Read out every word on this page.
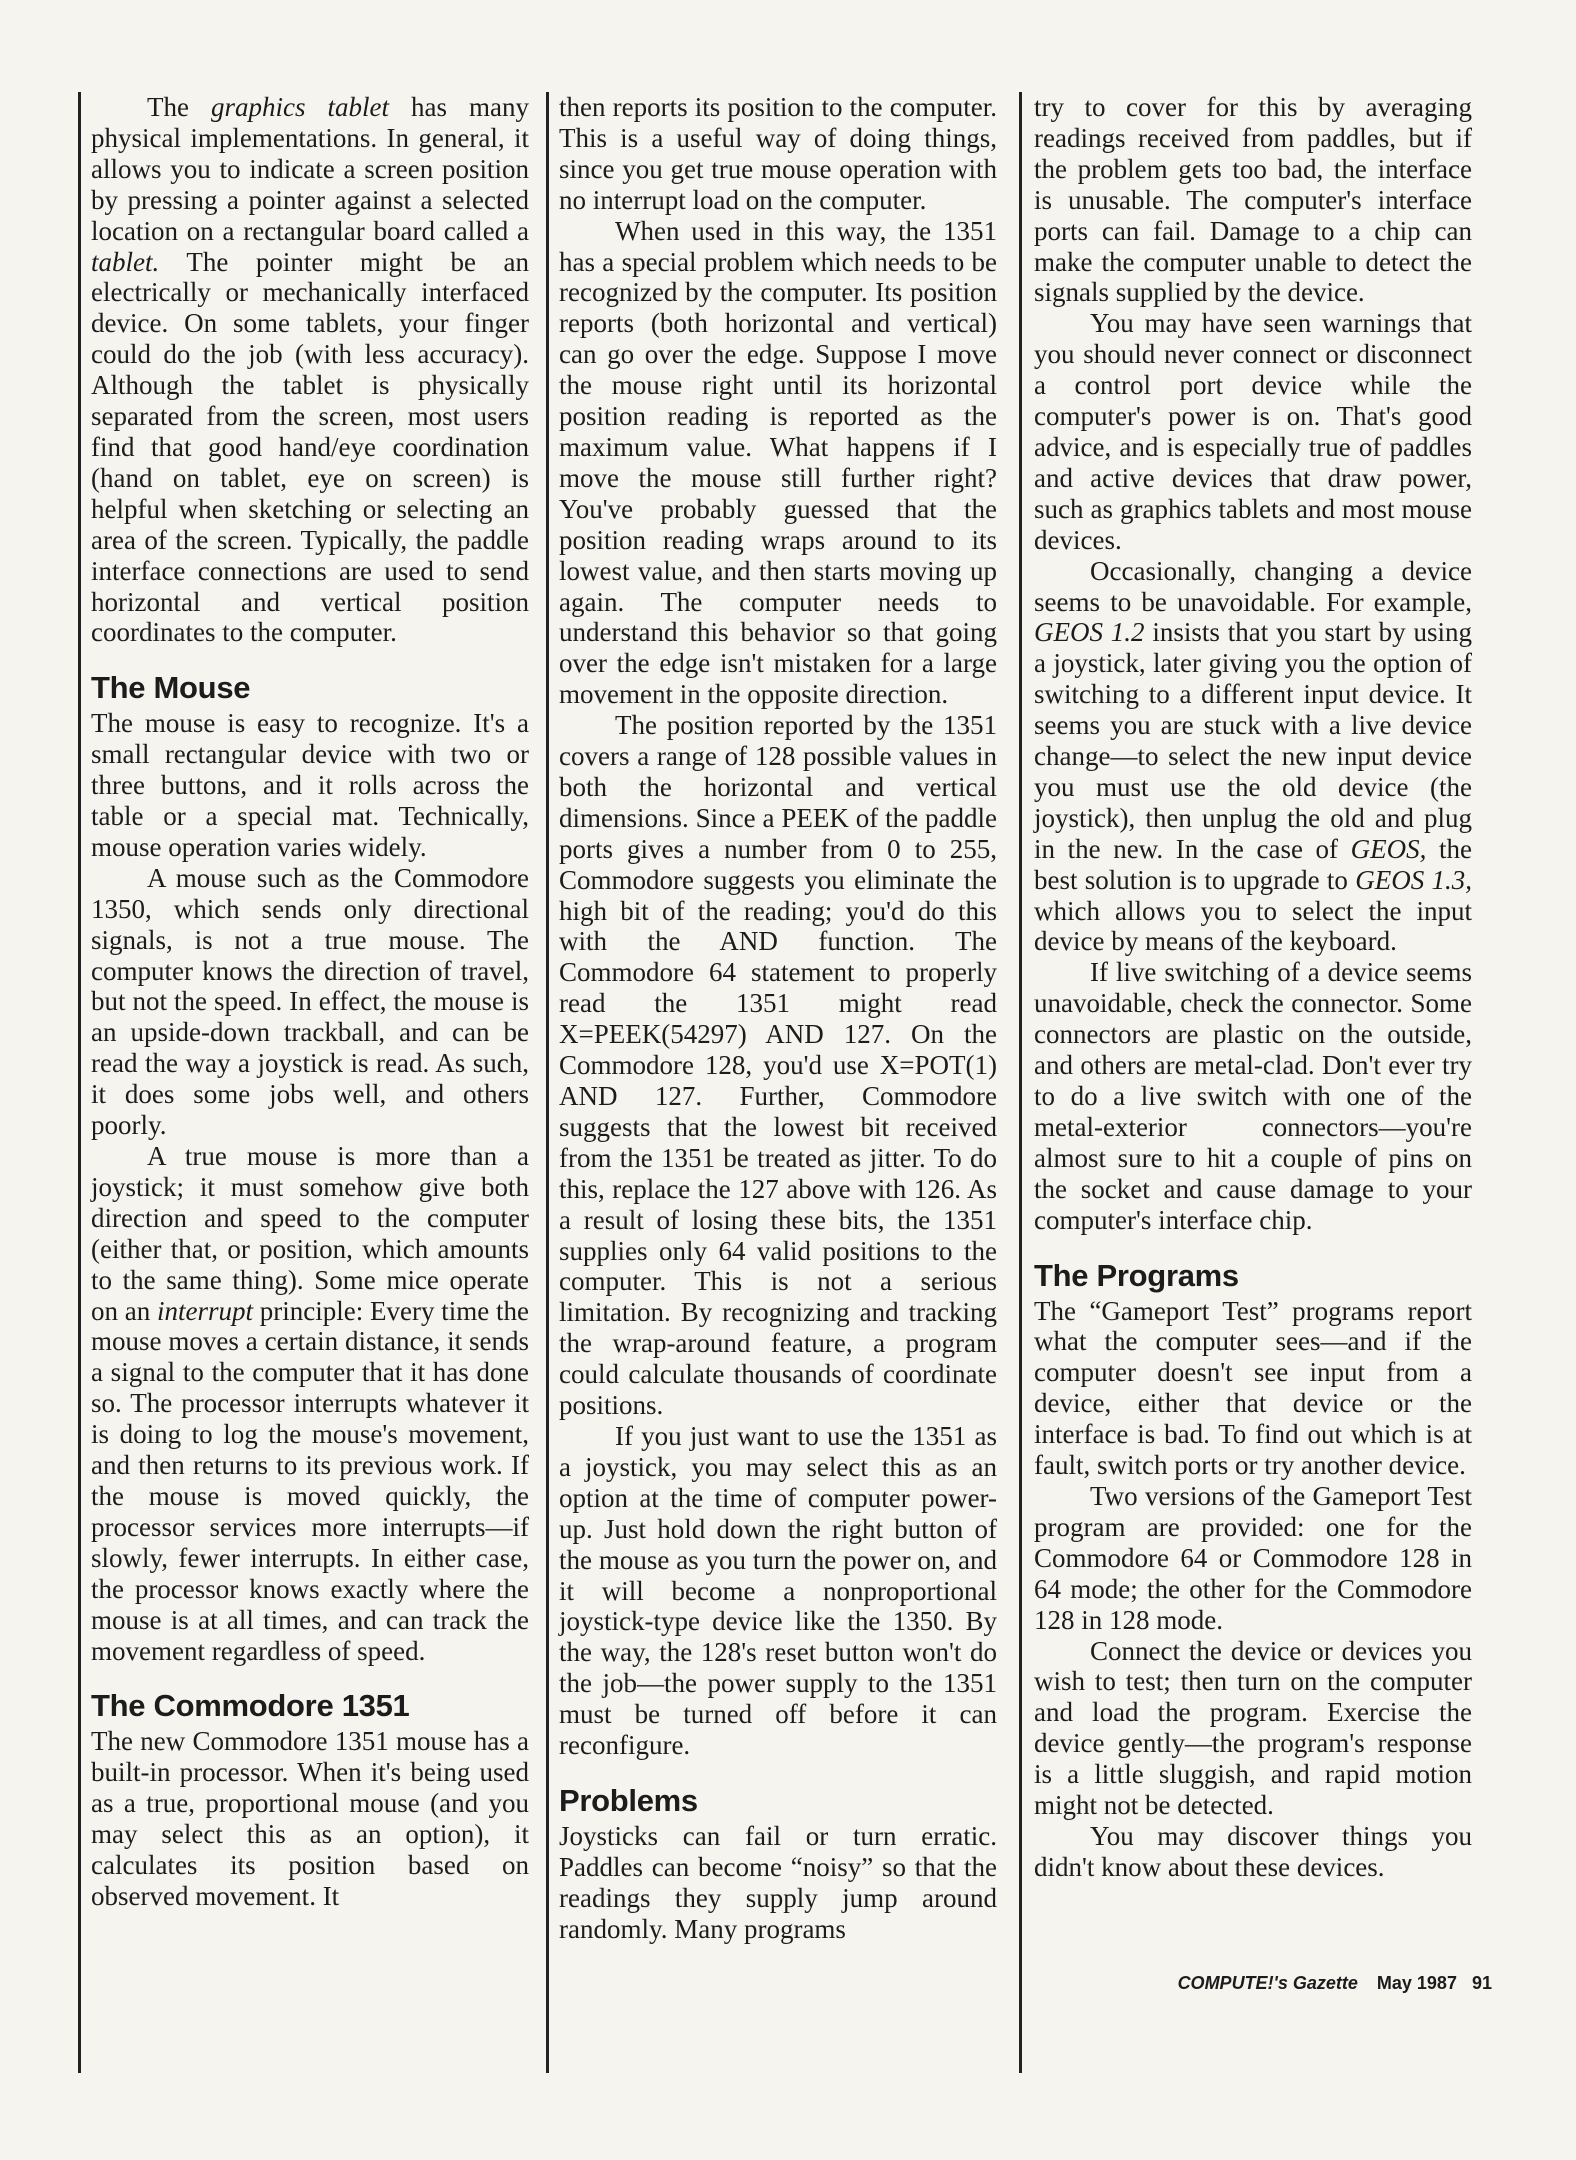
The graphics tablet has many physical implementations. In general, it allows you to indicate a screen position by pressing a pointer against a selected location on a rectangular board called a tablet. The pointer might be an electrically or mechanically interfaced device. On some tablets, your finger could do the job (with less accuracy). Although the tablet is physically separated from the screen, most users find that good hand/eye coordination (hand on tablet, eye on screen) is helpful when sketching or selecting an area of the screen. Typically, the paddle interface connections are used to send horizontal and vertical position coordinates to the computer.

The Mouse

The mouse is easy to recognize. It's a small rectangular device with two or three buttons, and it rolls across the table or a special mat. Technically, mouse operation varies widely.

A mouse such as the Commodore 1350, which sends only directional signals, is not a true mouse. The computer knows the direction of travel, but not the speed. In effect, the mouse is an upside-down trackball, and can be read the way a joystick is read. As such, it does some jobs well, and others poorly.

A true mouse is more than a joystick; it must somehow give both direction and speed to the computer (either that, or position, which amounts to the same thing). Some mice operate on an interrupt principle: Every time the mouse moves a certain distance, it sends a signal to the computer that it has done so. The processor interrupts whatever it is doing to log the mouse's movement, and then returns to its previous work. If the mouse is moved quickly, the processor services more interrupts—if slowly, fewer interrupts. In either case, the processor knows exactly where the mouse is at all times, and can track the movement regardless of speed.

The Commodore 1351

The new Commodore 1351 mouse has a built-in processor. When it's being used as a true, proportional mouse (and you may select this as an option), it calculates its position based on observed movement. It

then reports its position to the computer. This is a useful way of doing things, since you get true mouse operation with no interrupt load on the computer.

When used in this way, the 1351 has a special problem which needs to be recognized by the computer. Its position reports (both horizontal and vertical) can go over the edge. Suppose I move the mouse right until its horizontal position reading is reported as the maximum value. What happens if I move the mouse still further right? You've probably guessed that the position reading wraps around to its lowest value, and then starts moving up again. The computer needs to understand this behavior so that going over the edge isn't mistaken for a large movement in the opposite direction.

The position reported by the 1351 covers a range of 128 possible values in both the horizontal and vertical dimensions. Since a PEEK of the paddle ports gives a number from 0 to 255, Commodore suggests you eliminate the high bit of the reading; you'd do this with the AND function. The Commodore 64 statement to properly read the 1351 might read X=PEEK(54297) AND 127. On the Commodore 128, you'd use X=POT(1) AND 127. Further, Commodore suggests that the lowest bit received from the 1351 be treated as jitter. To do this, replace the 127 above with 126. As a result of losing these bits, the 1351 supplies only 64 valid positions to the computer. This is not a serious limitation. By recognizing and tracking the wrap-around feature, a program could calculate thousands of coordinate positions.

If you just want to use the 1351 as a joystick, you may select this as an option at the time of computer power-up. Just hold down the right button of the mouse as you turn the power on, and it will become a nonproportional joystick-type device like the 1350. By the way, the 128's reset button won't do the job—the power supply to the 1351 must be turned off before it can reconfigure.

Problems

Joysticks can fail or turn erratic. Paddles can become “noisy” so that the readings they supply jump around randomly. Many programs

try to cover for this by averaging readings received from paddles, but if the problem gets too bad, the interface is unusable. The computer's interface ports can fail. Damage to a chip can make the computer unable to detect the signals supplied by the device.

You may have seen warnings that you should never connect or disconnect a control port device while the computer's power is on. That's good advice, and is especially true of paddles and active devices that draw power, such as graphics tablets and most mouse devices.

Occasionally, changing a device seems to be unavoidable. For example, GEOS 1.2 insists that you start by using a joystick, later giving you the option of switching to a different input device. It seems you are stuck with a live device change—to select the new input device you must use the old device (the joystick), then unplug the old and plug in the new. In the case of GEOS, the best solution is to upgrade to GEOS 1.3, which allows you to select the input device by means of the keyboard.

If live switching of a device seems unavoidable, check the connector. Some connectors are plastic on the outside, and others are metal-clad. Don't ever try to do a live switch with one of the metal-exterior connectors—you're almost sure to hit a couple of pins on the socket and cause damage to your computer's interface chip.

The Programs

The “Gameport Test” programs report what the computer sees—and if the computer doesn't see input from a device, either that device or the interface is bad. To find out which is at fault, switch ports or try another device.

Two versions of the Gameport Test program are provided: one for the Commodore 64 or Commodore 128 in 64 mode; the other for the Commodore 128 in 128 mode.

Connect the device or devices you wish to test; then turn on the computer and load the program. Exercise the device gently—the program's response is a little sluggish, and rapid motion might not be detected.

You may discover things you didn't know about these devices.

COMPUTE!'s Gazette May 1987 91
